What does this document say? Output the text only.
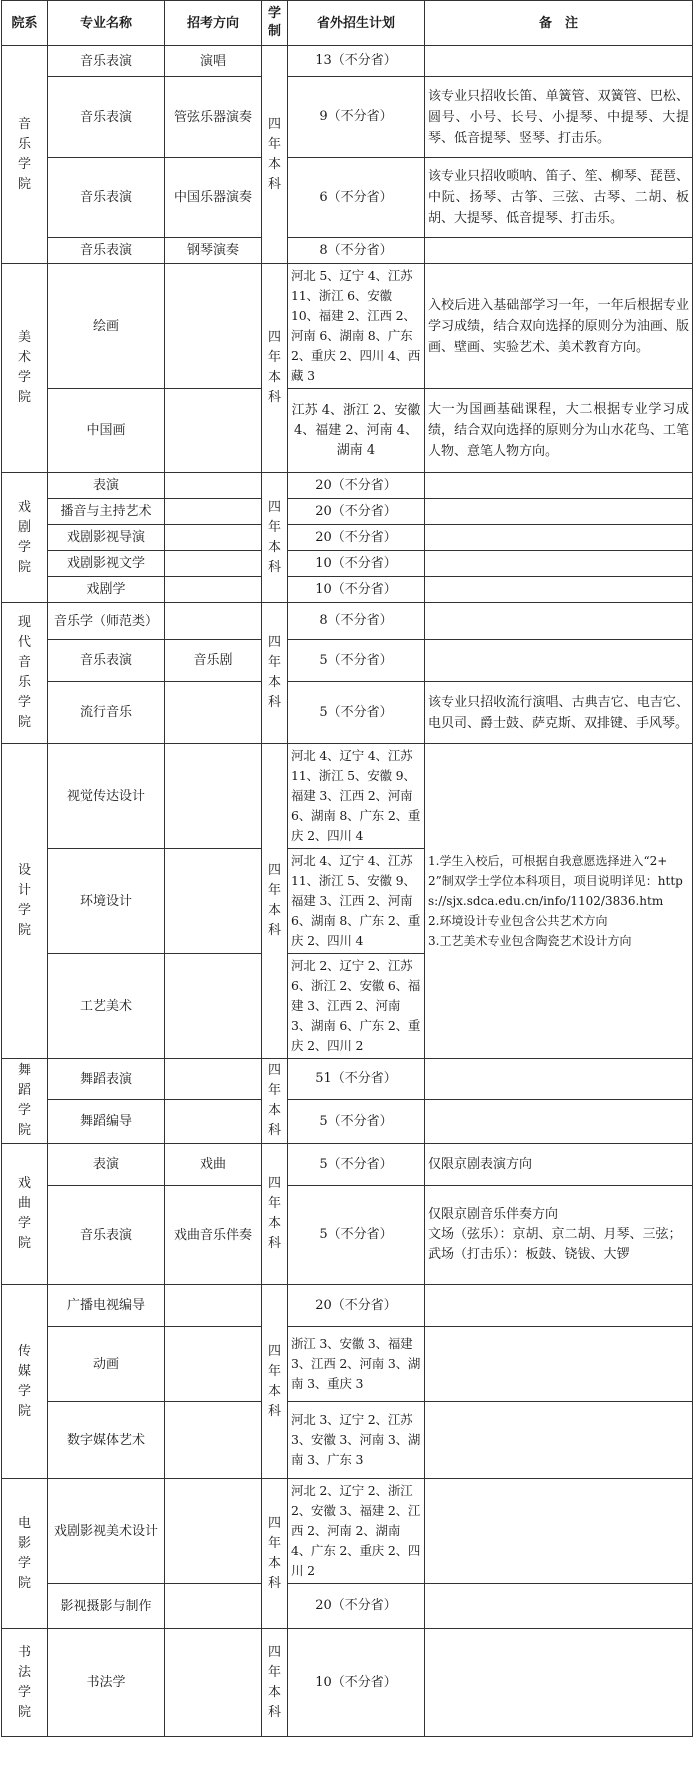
院系	专业名称	招考方向	学制	省外招生计划	备　注

音乐学院	音乐表演	演唱	四年本科	13（不分省）	
	音乐表演	管弦乐器演奏		9（不分省）	该专业只招收长笛、单簧管、双簧管、巴松、圆号、小号、长号、小提琴、中提琴、大提琴、低音提琴、竖琴、打击乐。
	音乐表演	中国乐器演奏		6（不分省）	该专业只招收唢呐、笛子、笙、柳琴、琵琶、中阮、扬琴、古筝、三弦、古琴、二胡、板胡、大提琴、低音提琴、打击乐。
	音乐表演	钢琴演奏		8（不分省）	

美术学院	绘画		四年本科	河北 5、辽宁 4、江苏 11、浙江 6、安徽 10、福建 2、江西 2、河南 6、湖南 8、广东 2、重庆 2、四川 4、西藏 3	入校后进入基础部学习一年，一年后根据专业学习成绩，结合双向选择的原则分为油画、版画、壁画、实验艺术、美术教育方向。
	中国画			江苏 4、浙江 2、安徽 4、福建 2、河南 4、湖南 4	大一为国画基础课程，大二根据专业学习成绩，结合双向选择的原则分为山水花鸟、工笔人物、意笔人物方向。

戏剧学院	表演		四年本科	20（不分省）	
	播音与主持艺术			20（不分省）	
	戏剧影视导演			20（不分省）	
	戏剧影视文学			10（不分省）	
	戏剧学			10（不分省）	

现代音乐学院	音乐学（师范类）		四年本科	8（不分省）	
	音乐表演	音乐剧		5（不分省）	
	流行音乐			5（不分省）	该专业只招收流行演唱、古典吉它、电吉它、电贝司、爵士鼓、萨克斯、双排键、手风琴。

设计学院	视觉传达设计		四年本科	河北 4、辽宁 4、江苏 11、浙江 5、安徽 9、福建 3、江西 2、河南 6、湖南 8、广东 2、重庆 2、四川 4	1.学生入校后，可根据自我意愿选择进入“2+2”制双学士学位本科项目，项目说明详见：https://sjx.sdca.edu.cn/info/1102/3836.htm
2.环境设计专业包含公共艺术方向
3.工艺美术专业包含陶瓷艺术设计方向
	环境设计			河北 4、辽宁 4、江苏 11、浙江 5、安徽 9、福建 3、江西 2、河南 6、湖南 8、广东 2、重庆 2、四川 4	
	工艺美术			河北 2、辽宁 2、江苏 6、浙江 2、安徽 6、福建 3、江西 2、河南 3、湖南 6、广东 2、重庆 2、四川 2	

舞蹈学院	舞蹈表演		四年本科	51（不分省）	
	舞蹈编导			5（不分省）	

戏曲学院	表演	戏曲	四年本科	5（不分省）	仅限京剧表演方向
	音乐表演	戏曲音乐伴奏		5（不分省）	仅限京剧音乐伴奏方向
文场（弦乐）：京胡、京二胡、月琴、三弦；
武场（打击乐）：板鼓、铙钹、大锣

传媒学院	广播电视编导		四年本科	20（不分省）	
	动画			浙江 3、安徽 3、福建 3、江西 2、河南 3、湖南 3、重庆 3	
	数字媒体艺术			河北 3、辽宁 2、江苏 3、安徽 3、河南 3、湖南 3、广东 3	

电影学院	戏剧影视美术设计		四年本科	河北 2、辽宁 2、浙江 2、安徽 3、福建 2、江西 2、河南 2、湖南 4、广东 2、重庆 2、四川 2	
	影视摄影与制作			20（不分省）	

书法学院	书法学		四年本科	10（不分省）	
